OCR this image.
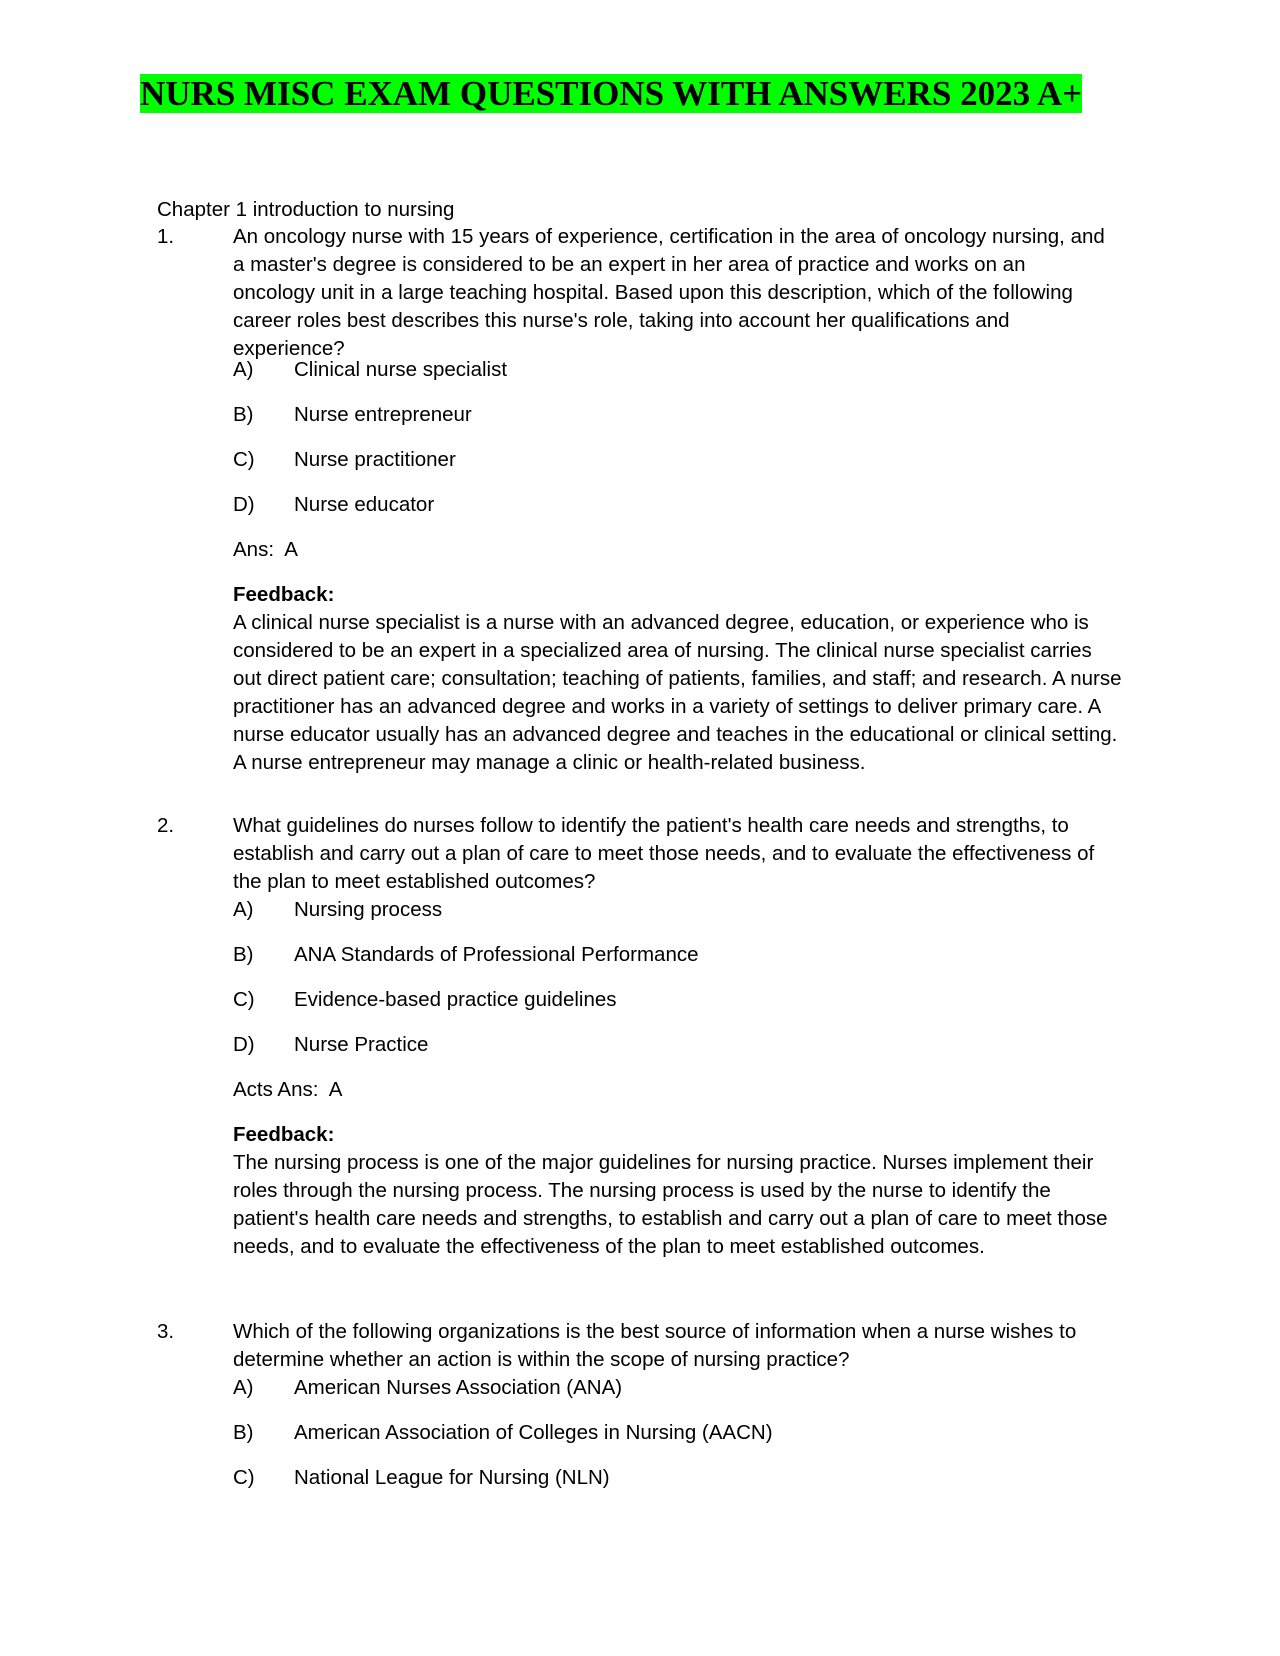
NURS MISC EXAM QUESTIONS WITH ANSWERS 2023 A+
Chapter 1 introduction to nursing
1.	An oncology nurse with 15 years of experience, certification in the area of oncology nursing, and a master's degree is considered to be an expert in her area of practice and works on an oncology unit in a large teaching hospital. Based upon this description, which of the following career roles best describes this nurse's role, taking into account her qualifications and experience?
A) Clinical nurse specialist
B) Nurse entrepreneur
C) Nurse practitioner
D) Nurse educator
Ans:  A
Feedback:
A clinical nurse specialist is a nurse with an advanced degree, education, or experience who is considered to be an expert in a specialized area of nursing. The clinical nurse specialist carries out direct patient care; consultation; teaching of patients, families, and staff; and research. A nurse practitioner has an advanced degree and works in a variety of settings to deliver primary care. A nurse educator usually has an advanced degree and teaches in the educational or clinical setting. A nurse entrepreneur may manage a clinic or health-related business.
2.	What guidelines do nurses follow to identify the patient's health care needs and strengths, to establish and carry out a plan of care to meet those needs, and to evaluate the effectiveness of the plan to meet established outcomes?
A) Nursing process
B) ANA Standards of Professional Performance
C) Evidence-based practice guidelines
D) Nurse Practice
Acts Ans:  A
Feedback:
The nursing process is one of the major guidelines for nursing practice. Nurses implement their roles through the nursing process. The nursing process is used by the nurse to identify the patient's health care needs and strengths, to establish and carry out a plan of care to meet those needs, and to evaluate the effectiveness of the plan to meet established outcomes.
3.	Which of the following organizations is the best source of information when a nurse wishes to determine whether an action is within the scope of nursing practice?
A) American Nurses Association (ANA)
B) American Association of Colleges in Nursing (AACN)
C) National League for Nursing (NLN)
